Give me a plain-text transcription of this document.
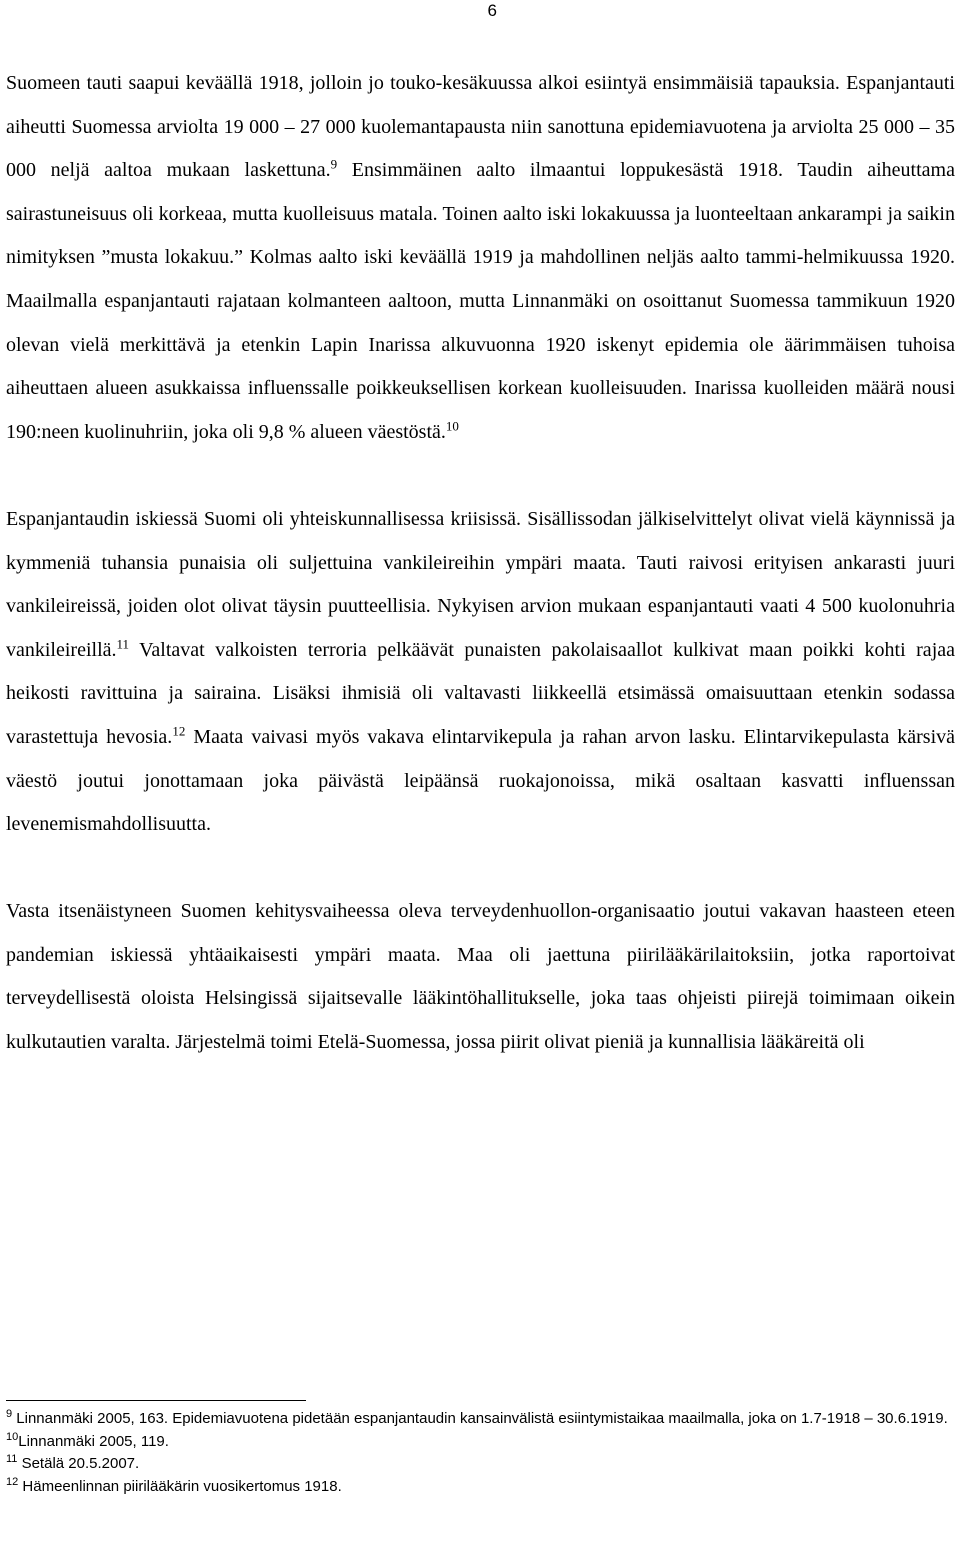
6

Suomeen tauti saapui keväällä 1918, jolloin jo touko-kesäkuussa alkoi esiintyä ensimmäisiä tapauksia. Espanjantauti aiheutti Suomessa arviolta 19 000 – 27 000 kuolemantapausta niin sanottuna epidemiavuotena ja arviolta 25 000 – 35 000 neljä aaltoa mukaan laskettuna.$^9$ Ensimmäinen aalto ilmaantui loppukesästä 1918. Taudin aiheuttama sairastuneisuus oli korkeaa, mutta kuolleisuus matala. Toinen aalto iski lokakuussa ja luonteeltaan ankarampi ja saikin nimityksen ”musta lokakuu.” Kolmas aalto iski keväällä 1919 ja mahdollinen neljäs aalto tammi-helmikuussa 1920. Maailmalla espanjantauti rajataan kolmanteen aaltoon, mutta Linnanmäki on osoittanut Suomessa tammikuun 1920 olevan vielä merkittävä ja etenkin Lapin Inarissa alkuvuonna 1920 iskenyt epidemia ole äärimmäisen tuhoisa aiheuttaen alueen asukkaissa influenssalle poikkeuksellisen korkean kuolleisuuden. Inarissa kuolleiden määrä nousi 190:neen kuolinuhriin, joka oli 9,8 % alueen väestöstä.$^{10}$

Espanjantaudin iskiessä Suomi oli yhteiskunnallisessa kriisissä. Sisällissodan jälkiselvittelyt olivat vielä käynnissä ja kymmeniä tuhansia punaisia oli suljettuina vankileireihin ympäri maata. Tauti raivosi erityisen ankarasti juuri vankileireissä, joiden olot olivat täysin puutteellisia. Nykyisen arvion mukaan espanjantauti vaati 4 500 kuolonuhria vankileireillä.$^{11}$ Valtavat valkoisten terroria pelkäävät punaisten pakolaisaallot kulkivat maan poikki kohti rajaa heikosti ravittuina ja sairaina. Lisäksi ihmisiä oli valtavasti liikkeellä etsimässä omaisuuttaan etenkin sodassa varastettuja hevosia.$^{12}$ Maata vaivasi myös vakava elintarvikepula ja rahan arvon lasku. Elintarvikepulasta kärsivä väestö joutui jonottamaan joka päivästä leipäänsä ruokajonoissa, mikä osaltaan kasvatti influenssan levenemismahdollisuutta.

Vasta itsenäistyneen Suomen kehitysvaiheessa oleva terveydenhuollon-organisaatio joutui vakavan haasteen eteen pandemian iskiessä yhtäaikaisesti ympäri maata. Maa oli jaettuna piirilääkärilaitoksiin, jotka raportoivat terveydellisestä oloista Helsingissä sijaitsevalle lääkintöhallitukselle, joka taas ohjeisti piirejä toimimaan oikein kulkutautien varalta. Järjestelmä toimi Etelä-Suomessa, jossa piirit olivat pieniä ja kunnallisia lääkäreitä oli

$^9$ Linnanmäki 2005, 163. Epidemiavuotena pidetään espanjantaudin kansainvälistä esiintymistaikaa maailmalla, joka on 1.7-1918 – 30.6.1919.

$^{10}$Linnanmäki 2005, 119.

$^{11}$ Setälä 20.5.2007.

$^{12}$ Hämeenlinnan piirilääkärin vuosikertomus 1918.
